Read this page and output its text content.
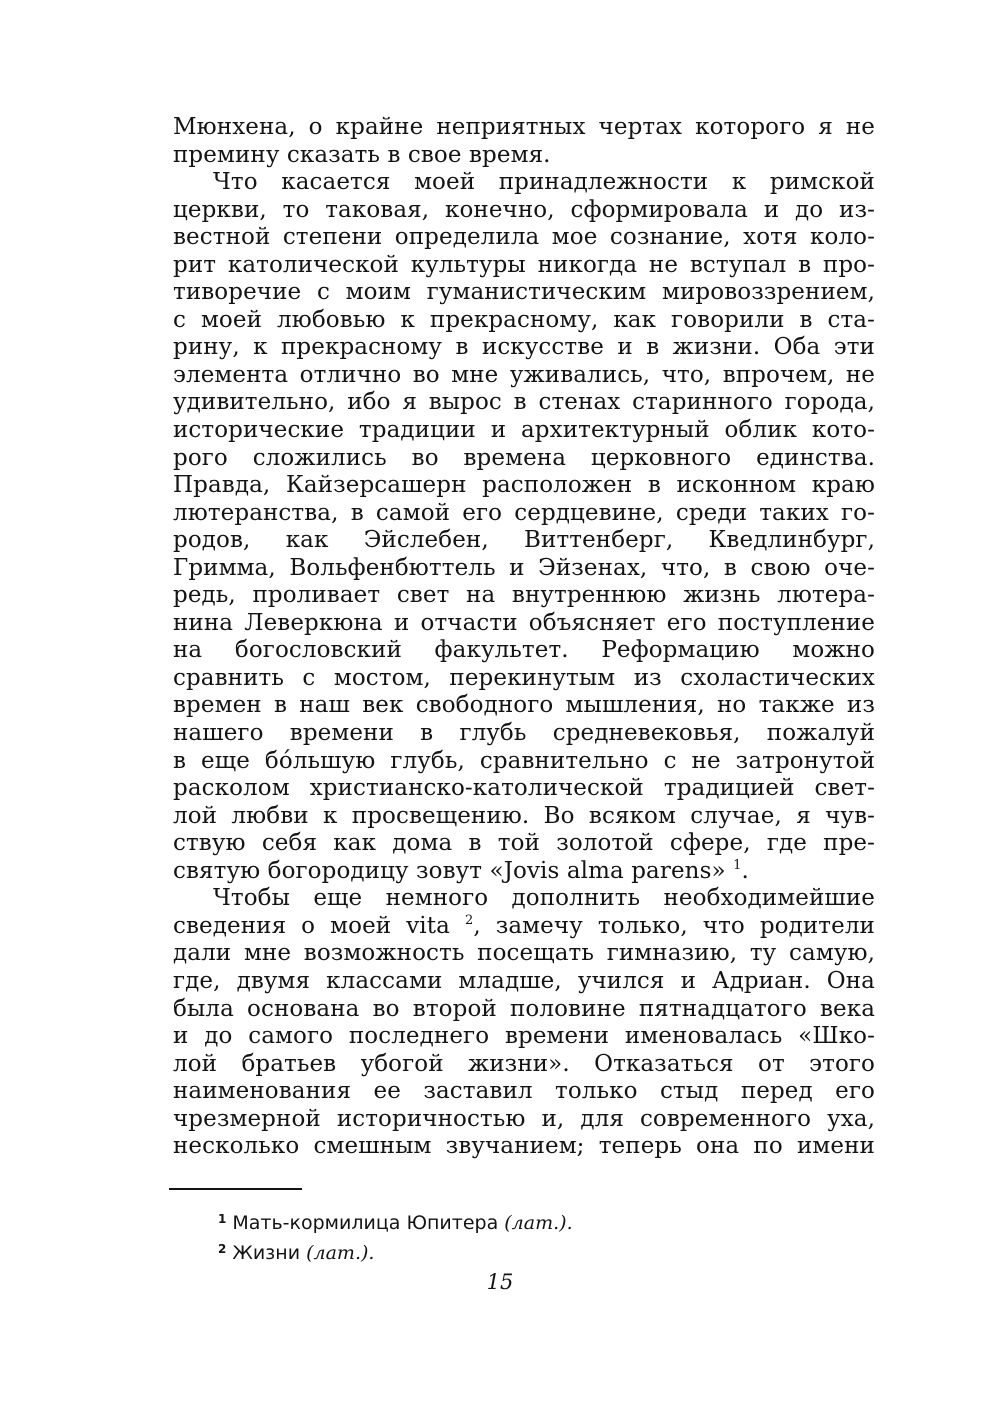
Мюнхена, о крайне неприятных чертах которого я не
премину сказать в свое время.
Что касается моей принадлежности к римской
церкви, то таковая, конечно, сформировала и до из-
вестной степени определила мое сознание, хотя коло-
рит католической культуры никогда не вступал в про-
тиворечие с моим гуманистическим мировоззрением,
с моей любовью к прекрасному, как говорили в ста-
рину, к прекрасному в искусстве и в жизни. Оба эти
элемента отлично во мне уживались, что, впрочем, не
удивительно, ибо я вырос в стенах старинного города,
исторические традиции и архитектурный облик кото-
рого сложились во времена церковного единства.
Правда, Кайзерсашерн расположен в исконном краю
лютеранства, в самой его сердцевине, среди таких го-
родов, как Эйслебен, Виттенберг, Кведлинбург,
Гримма, Вольфенбюттель и Эйзенах, что, в свою оче-
редь, проливает свет на внутреннюю жизнь лютера-
нина Леверкюна и отчасти объясняет его поступление
на богословский факультет. Реформацию можно
сравнить с мостом, перекинутым из схоластических
времен в наш век свободного мышления, но также из
нашего времени в глубь средневековья, пожалуй
в еще бóльшую глубь, сравнительно с не затронутой
расколом христианско-католической традицией свет-
лой любви к просвещению. Во всяком случае, я чув-
ствую себя как дома в той золотой сфере, где пре-
святую богородицу зовут «Jovis alma parens» $^1$.
Чтобы еще немного дополнить необходимейшие
сведения о моей vita $^2$, замечу только, что родители
дали мне возможность посещать гимназию, ту самую,
где, двумя классами младше, учился и Адриан. Она
была основана во второй половине пятнадцатого века
и до самого последнего времени именовалась «Шко-
лой братьев убогой жизни». Отказаться от этого
наименования ее заставил только стыд перед его
чрезмерной историчностью и, для современного уха,
несколько смешным звучанием; теперь она по имени
$^1$ Мать-кормилица Юпитера (лат.).
$^2$ Жизни (лат.).
15
